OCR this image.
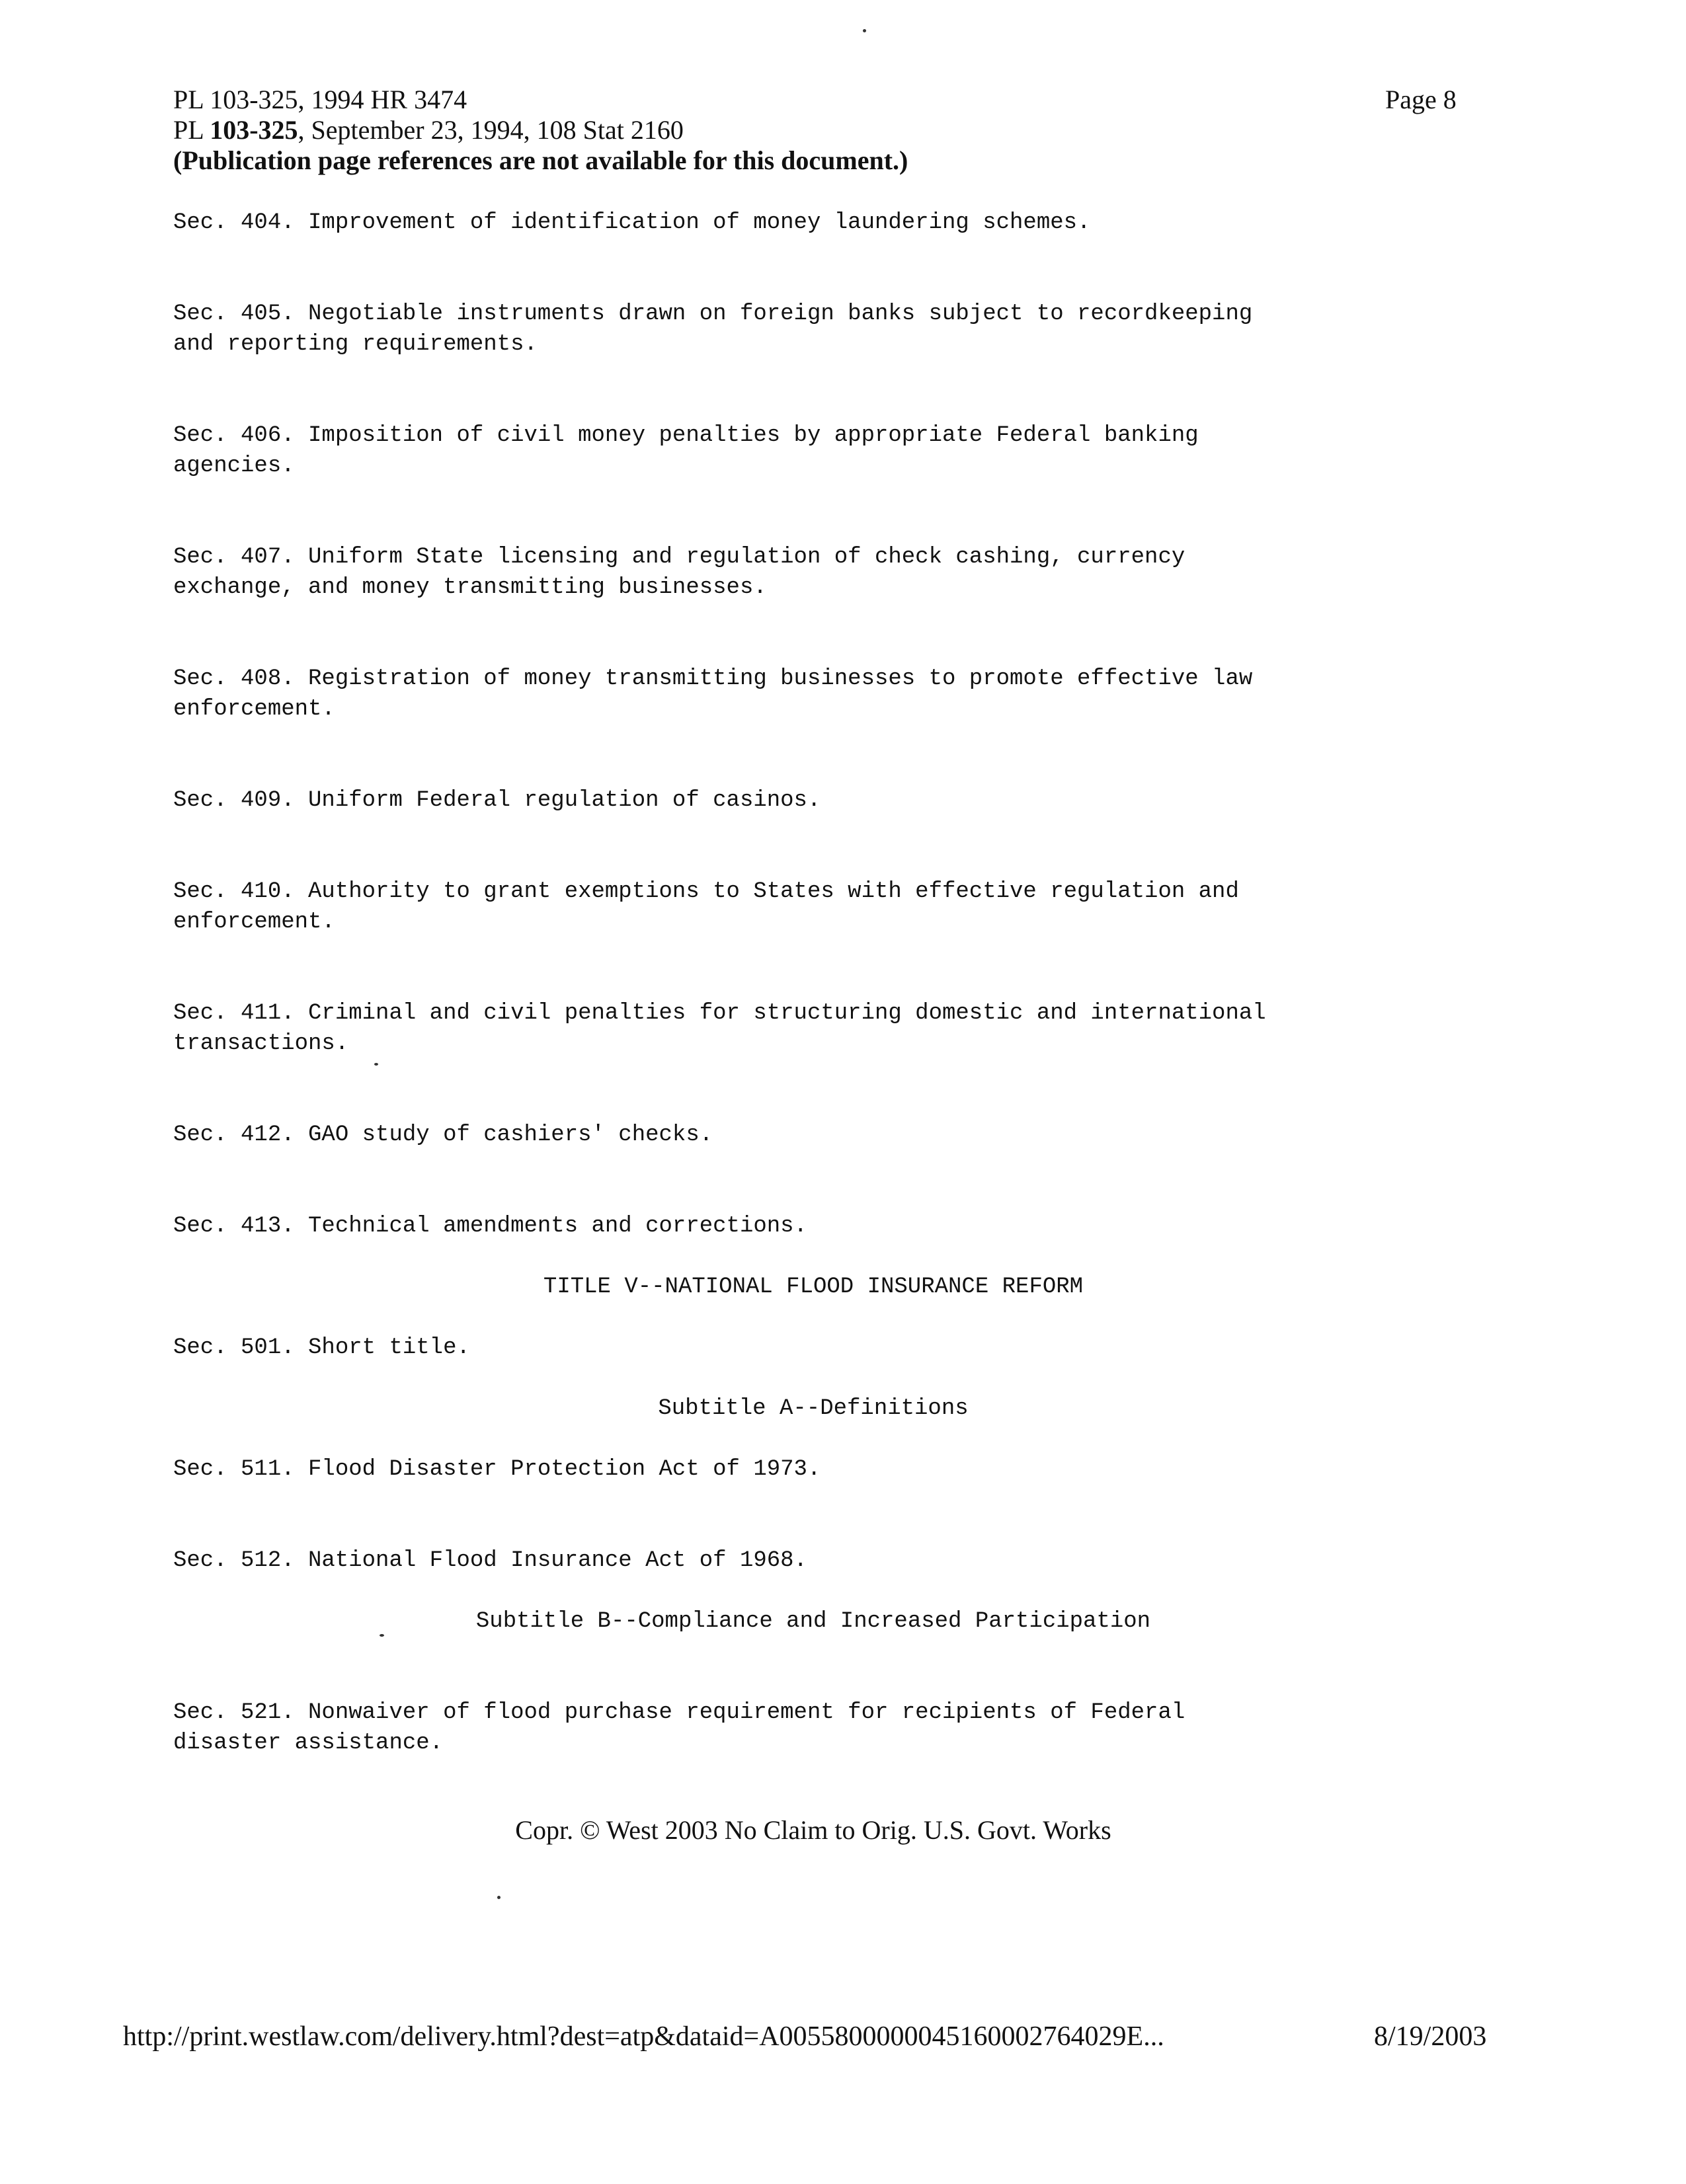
PL 103-325, 1994 HR 3474
PL 103-325, September 23, 1994, 108 Stat 2160
(Publication page references are not available for this document.)
Page 8
Sec. 404. Improvement of identification of money laundering schemes.
Sec. 405. Negotiable instruments drawn on foreign banks subject to recordkeeping
and reporting requirements.
Sec. 406. Imposition of civil money penalties by appropriate Federal banking
agencies.
Sec. 407. Uniform State licensing and regulation of check cashing, currency
exchange, and money transmitting businesses.
Sec. 408. Registration of money transmitting businesses to promote effective law
enforcement.
Sec. 409. Uniform Federal regulation of casinos.
Sec. 410. Authority to grant exemptions to States with effective regulation and
enforcement.
Sec. 411. Criminal and civil penalties for structuring domestic and international
transactions.
Sec. 412. GAO study of cashiers' checks.
Sec. 413. Technical amendments and corrections.
TITLE V--NATIONAL FLOOD INSURANCE REFORM
Sec. 501. Short title.
Subtitle A--Definitions
Sec. 511. Flood Disaster Protection Act of 1973.
Sec. 512. National Flood Insurance Act of 1968.
Subtitle B--Compliance and Increased Participation
Sec. 521. Nonwaiver of flood purchase requirement for recipients of Federal
disaster assistance.
Copr. © West 2003 No Claim to Orig. U.S. Govt. Works
http://print.westlaw.com/delivery.html?dest=atp&dataid=A0055800000045160002764029E...	8/19/2003
